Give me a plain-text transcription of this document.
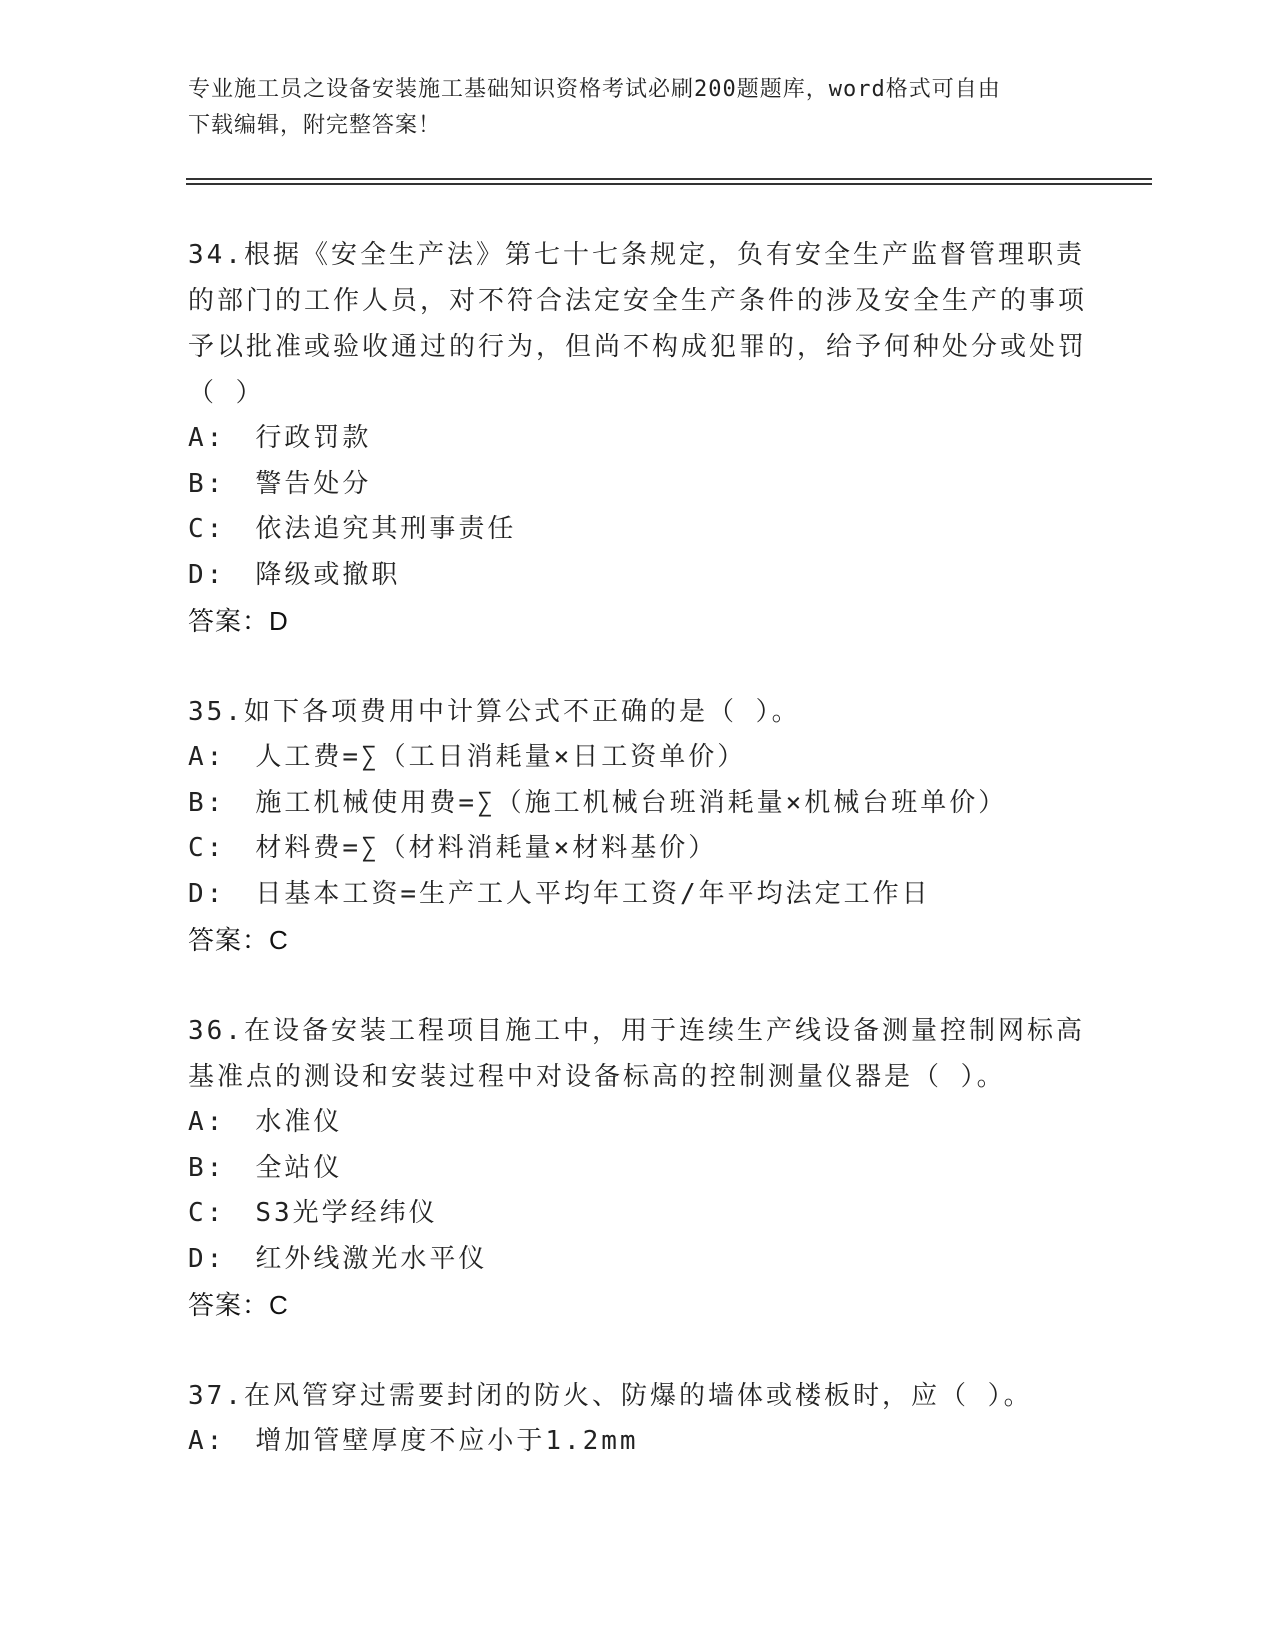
专业施工员之设备安装施工基础知识资格考试必刷200题题库，word格式可自由
下载编辑，附完整答案！

34.根据《安全生产法》第七十七条规定，负有安全生产监督管理职责的部门的工作人员，对不符合法定安全生产条件的涉及安全生产的事项予以批准或验收通过的行为，但尚不构成犯罪的，给予何种处分或处罚（ ）

A: 行政罚款
B: 警告处分
C: 依法追究其刑事责任
D: 降级或撤职

答案：D

35.如下各项费用中计算公式不正确的是（ ）。

A: 人工费=∑（工日消耗量×日工资单价）
B: 施工机械使用费=∑（施工机械台班消耗量×机械台班单价）
C: 材料费=∑（材料消耗量×材料基价）
D: 日基本工资=生产工人平均年工资/年平均法定工作日

答案：C

36.在设备安装工程项目施工中，用于连续生产线设备测量控制网标高基准点的测设和安装过程中对设备标高的控制测量仪器是（ ）。

A: 水准仪
B: 全站仪
C: S3光学经纬仪
D: 红外线激光水平仪

答案：C

37.在风管穿过需要封闭的防火、防爆的墙体或楼板时，应（ ）。

A: 增加管壁厚度不应小于1.2mm
